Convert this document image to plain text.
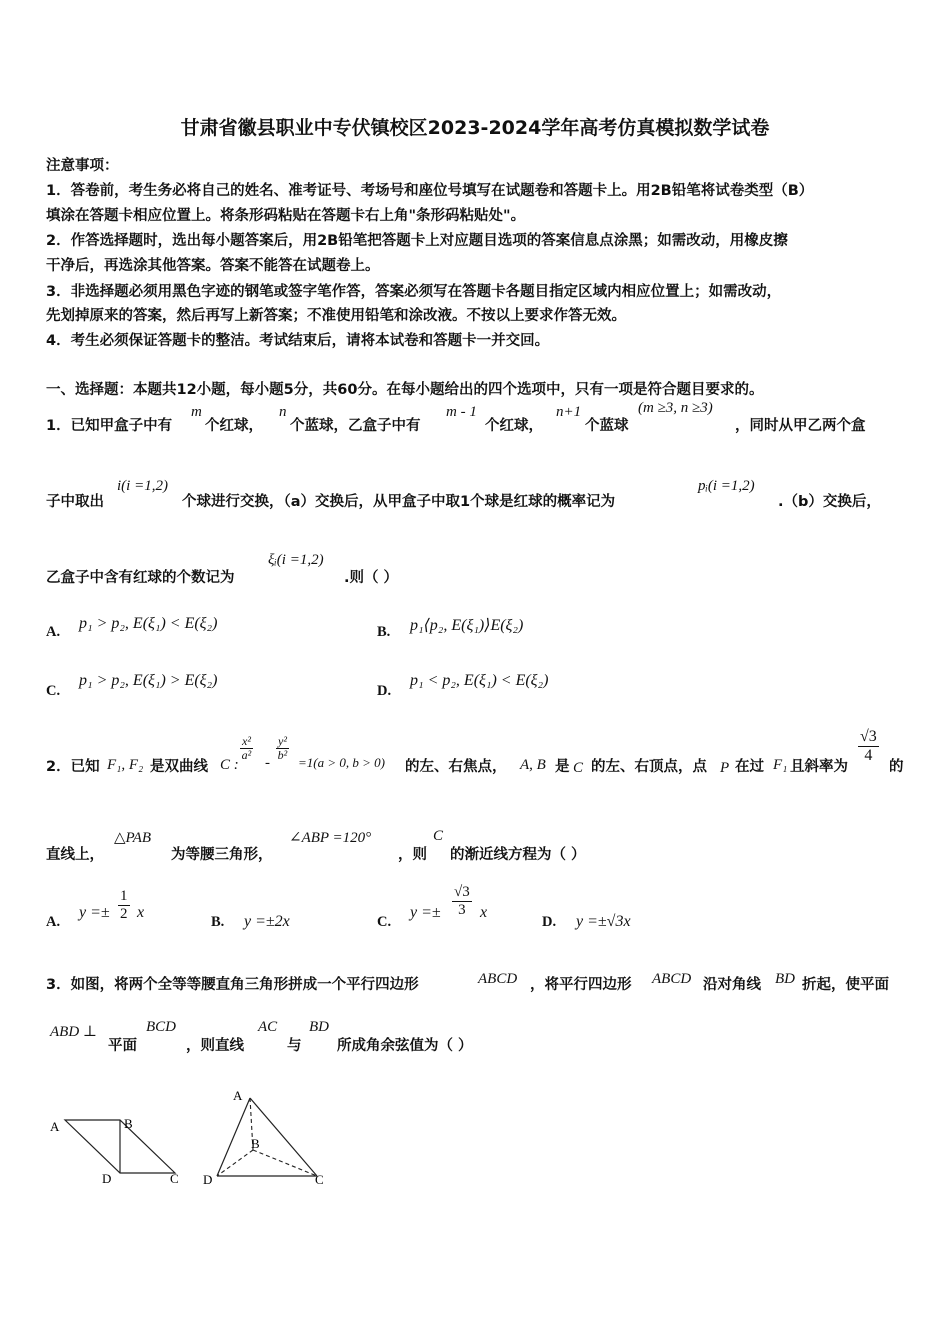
甘肃省徽县职业中专伏镇校区2023-2024学年高考仿真模拟数学试卷
注意事项：
1．答卷前，考生务必将自己的姓名、准考证号、考场号和座位号填写在试题卷和答题卡上。用2B铅笔将试卷类型（B）
填涂在答题卡相应位置上。将条形码粘贴在答题卡右上角"条形码粘贴处"。
2．作答选择题时，选出每小题答案后，用2B铅笔把答题卡上对应题目选项的答案信息点涂黑；如需改动，用橡皮擦
干净后，再选涂其他答案。答案不能答在试题卷上。
3．非选择题必须用黑色字迹的钢笔或签字笔作答，答案必须写在答题卡各题目指定区域内相应位置上；如需改动，
先划掉原来的答案，然后再写上新答案；不准使用铅笔和涂改液。不按以上要求作答无效。
4．考生必须保证答题卡的整洁。考试结束后，请将本试卷和答题卡一并交回。
一、选择题：本题共12小题，每小题5分，共60分。在每小题给出的四个选项中，只有一项是符合题目要求的。
1．已知甲盒子中有
m
个红球，
n
个蓝球，乙盒子中有
m - 1
个红球，
n+1
个蓝球
(m ≥3, n ≥3)
，同时从甲乙两个盒
子中取出
i(i =1,2)
个球进行交换，（a）交换后，从甲盒子中取1个球是红球的概率记为
pᵢ(i =1,2)
.（b）交换后，
乙盒子中含有红球的个数记为
ξᵢ(i =1,2)
.则（ ）
A. p₁ > p₂, E(ξ₁) < E(ξ₂)	B. p₁⟨p₂, E(ξ₁)⟩E(ξ₂)
C.
p₁ > p₂, E(ξ₁) > E(ξ₂)
D.
p₁ < p₂, E(ξ₁) < E(ξ₂)
2．已知 F₁, F₂ 是双曲线 C :
$\frac{\text{x²}}{\text{a²}}$
-
$\frac{\text{y²}}{\text{b²}}$
=1(a > 0, b > 0) 的左、右焦点， A, B 是 C 的左、右顶点，点 P 在过 F₁ 且斜率为
$\frac{√3}{4}$
的
直线上，
△PAB
为等腰三角形，
∠ABP =120°
，则
C
的渐近线方程为（ ）
A.
$y =\pm \frac{1}{2}$ x
B. y =±2x	C.
$y =\pm \frac{√3}{3}$ x
D. y =±√3x
3．如图，将两个全等等腰直角三角形拼成一个平行四边形	ABCD ，将平行四边形 ABCD 沿对角线 BD 折起，使平面
ABD ⊥
平面
BCD
，则直线
AC
与
BD
所成角余弦值为（ ）
A	B
D	C
A
B
D	C
